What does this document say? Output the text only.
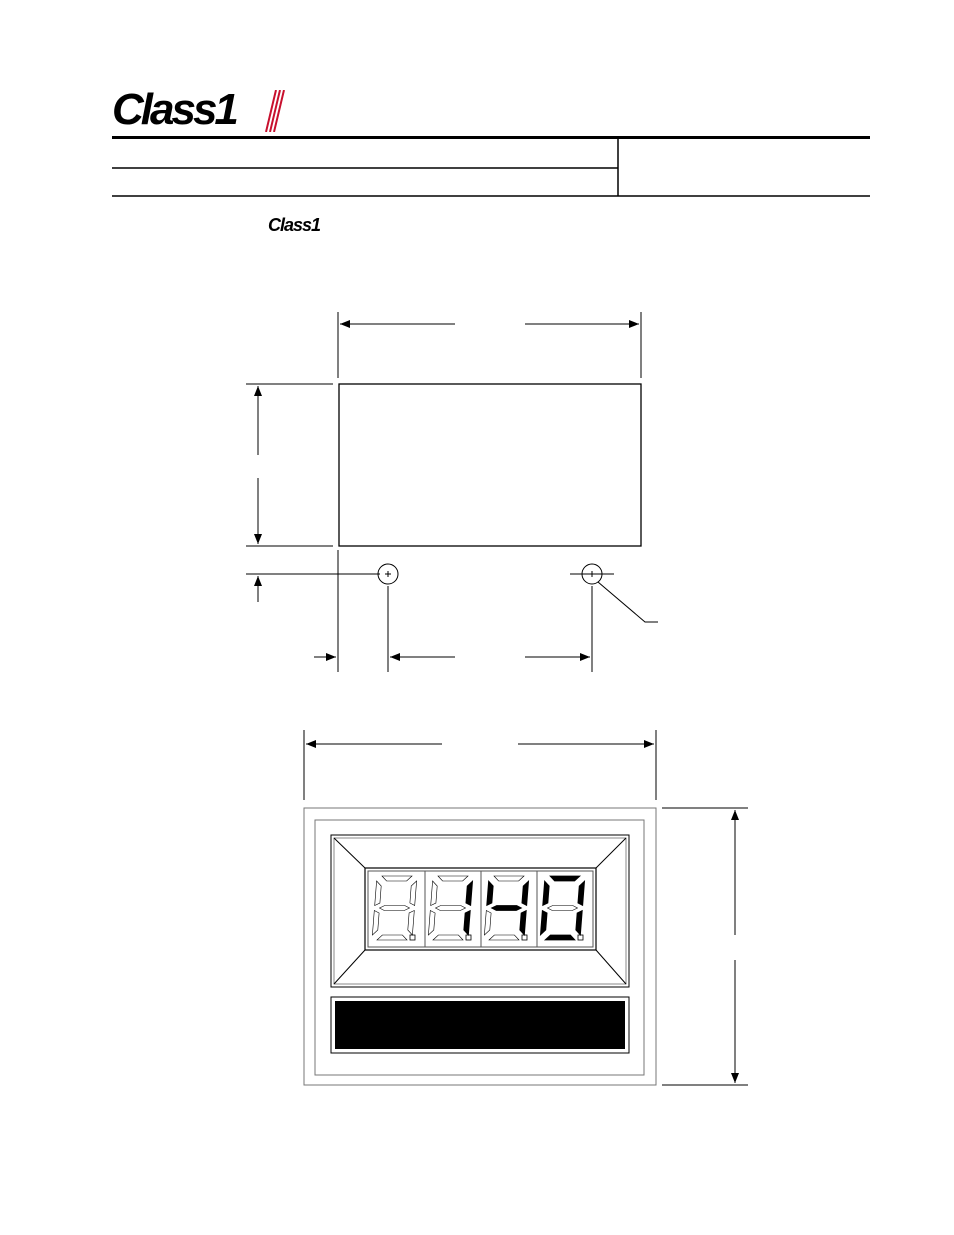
Class1
Class1
